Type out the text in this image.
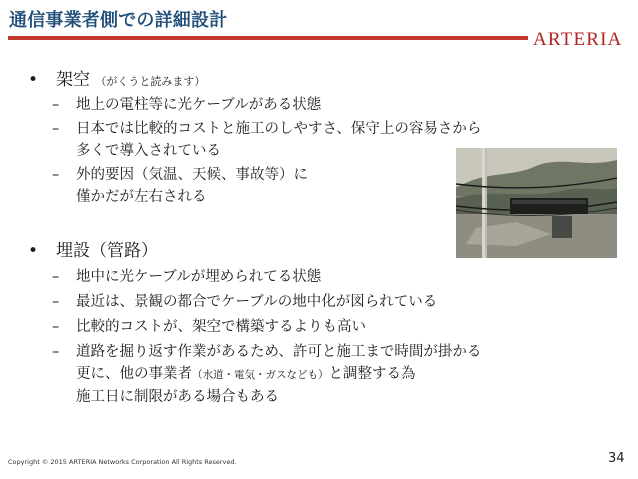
通信事業者側での詳細設計
ARTERIA
• 架空 （がくうと読みます）
–	地上の電柱等に光ケーブルがある状態
–	日本では比較的コストと施工のしやすさ、保守上の容易さから
多くで導入されている
–	外的要因（気温、天候、事故等）に
僅かだが左右される
• 埋設（管路）
–	地中に光ケーブルが埋められてる状態
–	最近は、景観の都合でケーブルの地中化が図られている
–	比較的コストが、架空で構築するよりも高い
–	道路を掘り返す作業があるため、許可と施工まで時間が掛かる
更に、他の事業者（水道・電気・ガスなども）と調整する為
施工日に制限がある場合もある
Copyright © 2015 ARTERIA Networks Corporation All Rights Reserved.	34
